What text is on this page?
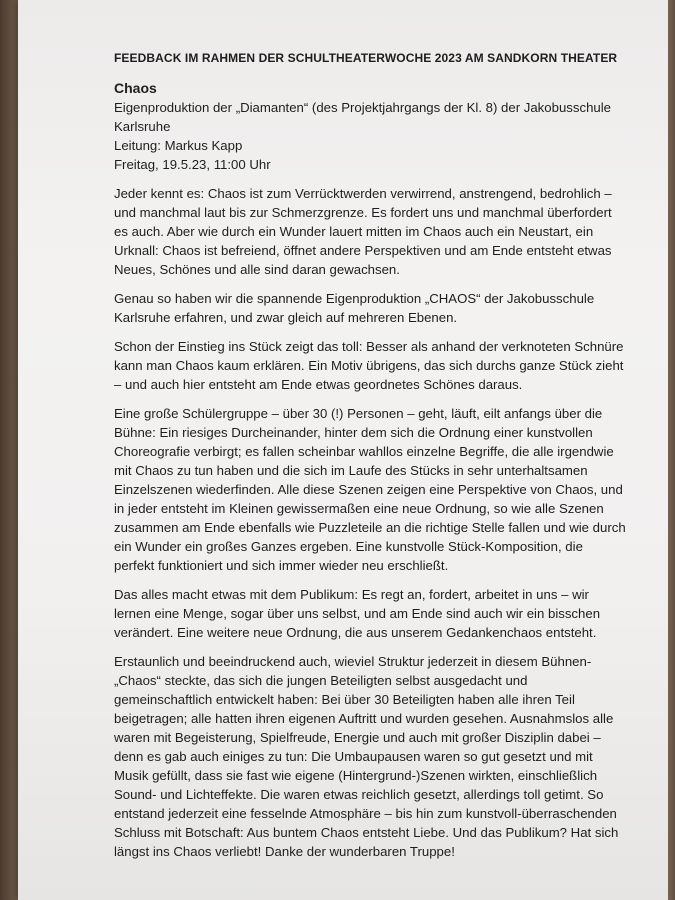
FEEDBACK IM RAHMEN DER SCHULTHEATERWOCHE 2023 AM SANDKORN THEATER

Chaos

Eigenproduktion der „Diamanten“ (des Projektjahrgangs der Kl. 8) der Jakobusschule Karlsruhe
Leitung: Markus Kapp
Freitag, 19.5.23, 11:00 Uhr

Jeder kennt es: Chaos ist zum Verrücktwerden verwirrend, anstrengend, bedrohlich – und manchmal laut bis zur Schmerzgrenze. Es fordert uns und manchmal überfordert es auch. Aber wie durch ein Wunder lauert mitten im Chaos auch ein Neustart, ein Urknall: Chaos ist befreiend, öffnet andere Perspektiven und am Ende entsteht etwas Neues, Schönes und alle sind daran gewachsen.

Genau so haben wir die spannende Eigenproduktion „CHAOS“ der Jakobusschule Karlsruhe erfahren, und zwar gleich auf mehreren Ebenen.

Schon der Einstieg ins Stück zeigt das toll: Besser als anhand der verknoteten Schnüre kann man Chaos kaum erklären. Ein Motiv übrigens, das sich durchs ganze Stück zieht – und auch hier entsteht am Ende etwas geordnetes Schönes daraus.

Eine große Schülergruppe – über 30 (!) Personen – geht, läuft, eilt anfangs über die Bühne: Ein riesiges Durcheinander, hinter dem sich die Ordnung einer kunstvollen Choreografie verbirgt; es fallen scheinbar wahllos einzelne Begriffe, die alle irgendwie mit Chaos zu tun haben und die sich im Laufe des Stücks in sehr unterhaltsamen Einzelszenen wiederfinden. Alle diese Szenen zeigen eine Perspektive von Chaos, und in jeder entsteht im Kleinen gewissermaßen eine neue Ordnung, so wie alle Szenen zusammen am Ende ebenfalls wie Puzzleteile an die richtige Stelle fallen und wie durch ein Wunder ein großes Ganzes ergeben. Eine kunstvolle Stück-Komposition, die perfekt funktioniert und sich immer wieder neu erschließt.

Das alles macht etwas mit dem Publikum: Es regt an, fordert, arbeitet in uns – wir lernen eine Menge, sogar über uns selbst, und am Ende sind auch wir ein bisschen verändert. Eine weitere neue Ordnung, die aus unserem Gedankenchaos entsteht.

Erstaunlich und beeindruckend auch, wieviel Struktur jederzeit in diesem Bühnen-„Chaos“ steckte, das sich die jungen Beteiligten selbst ausgedacht und gemeinschaftlich entwickelt haben: Bei über 30 Beteiligten haben alle ihren Teil beigetragen; alle hatten ihren eigenen Auftritt und wurden gesehen. Ausnahmslos alle waren mit Begeisterung, Spielfreude, Energie und auch mit großer Disziplin dabei – denn es gab auch einiges zu tun: Die Umbaupausen waren so gut gesetzt und mit Musik gefüllt, dass sie fast wie eigene (Hintergrund-)Szenen wirkten, einschließlich Sound- und Lichteffekte. Die waren etwas reichlich gesetzt, allerdings toll getimt. So entstand jederzeit eine fesselnde Atmosphäre – bis hin zum kunstvoll-überraschenden Schluss mit Botschaft: Aus buntem Chaos entsteht Liebe. Und das Publikum? Hat sich längst ins Chaos verliebt! Danke der wunderbaren Truppe!
